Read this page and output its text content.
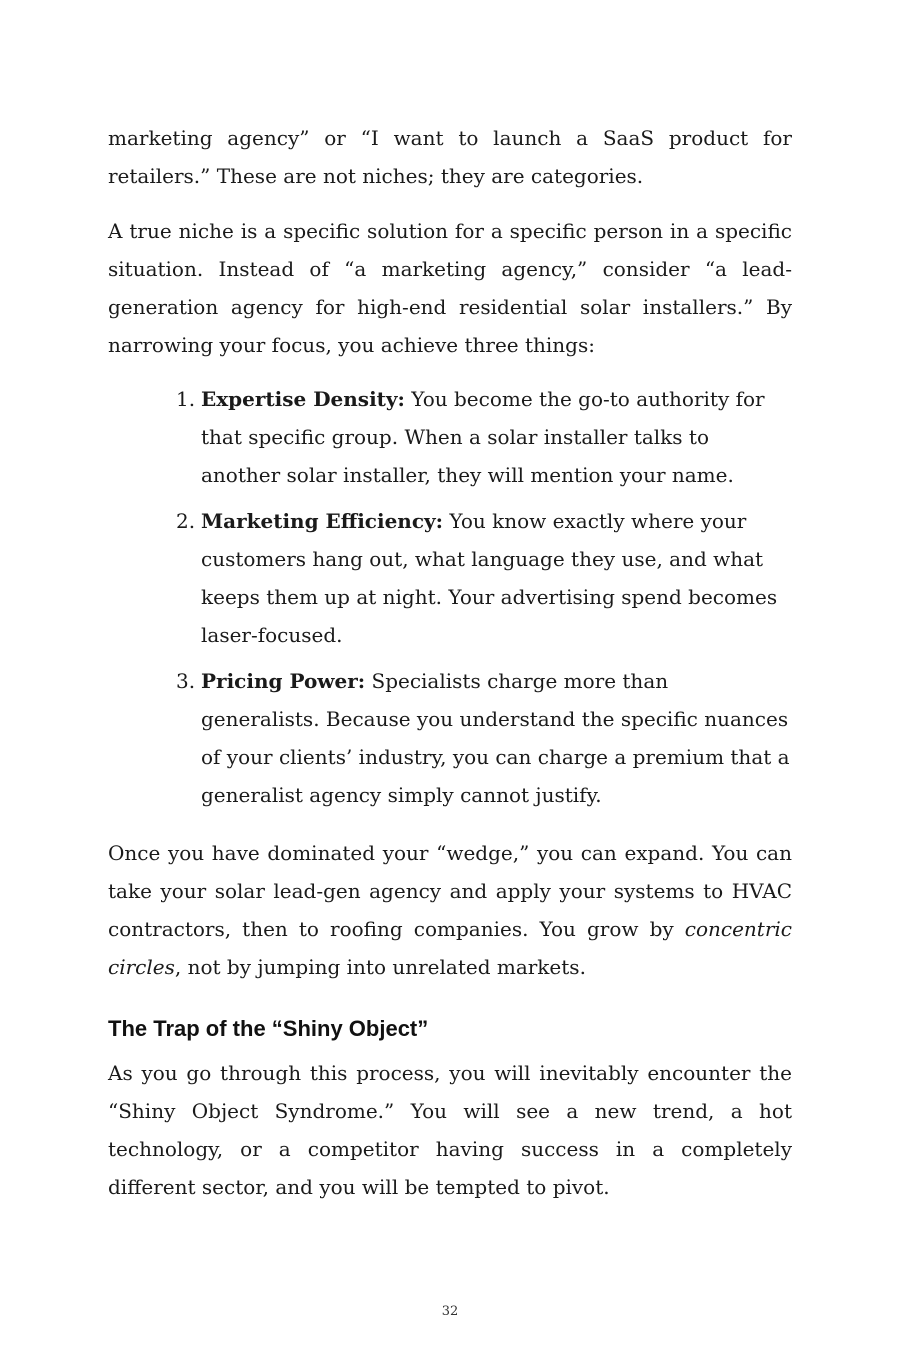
marketing agency” or “I want to launch a SaaS product for retailers.” These are not niches; they are categories.

A true niche is a specific solution for a specific person in a specific situation. Instead of “a marketing agency,” consider “a lead-generation agency for high-end residential solar installers.” By narrowing your focus, you achieve three things:

1. Expertise Density: You become the go-to authority for that specific group. When a solar installer talks to another solar installer, they will mention your name.
2. Marketing Efficiency: You know exactly where your customers hang out, what language they use, and what keeps them up at night. Your advertising spend becomes laser-focused.
3. Pricing Power: Specialists charge more than generalists. Because you understand the specific nuances of your clients’ industry, you can charge a premium that a generalist agency simply cannot justify.

Once you have dominated your “wedge,” you can expand. You can take your solar lead-gen agency and apply your systems to HVAC contractors, then to roofing companies. You grow by concentric circles, not by jumping into unrelated markets.

The Trap of the “Shiny Object”

As you go through this process, you will inevitably encounter the “Shiny Object Syndrome.” You will see a new trend, a hot technology, or a competitor having success in a completely different sector, and you will be tempted to pivot.

32
